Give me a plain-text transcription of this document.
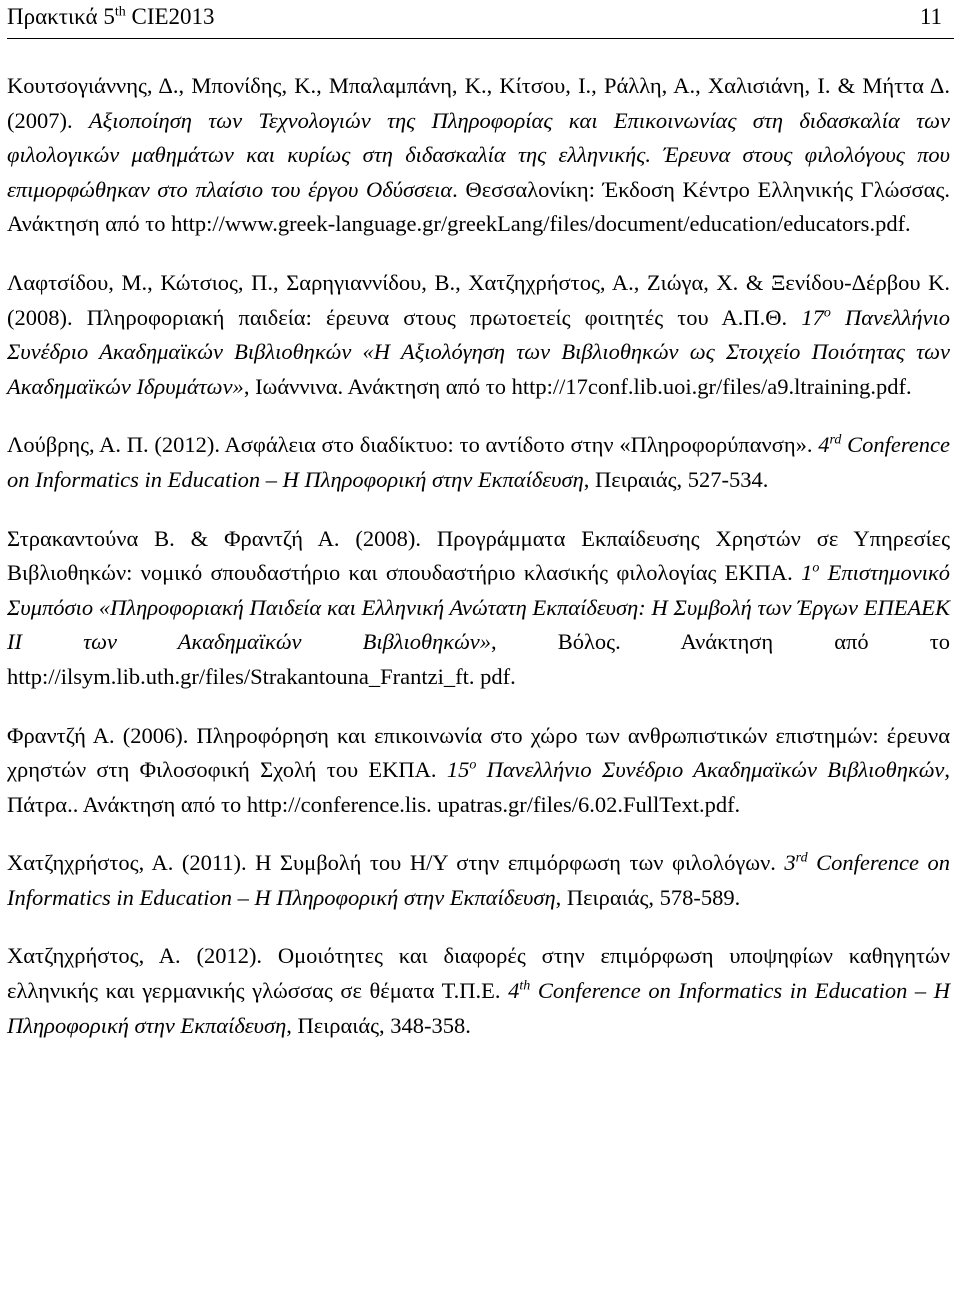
Πρακτικά 5th CIE2013	11

Κουτσογιάννης, Δ., Μπονίδης, Κ., Μπαλαμπάνη, Κ., Κίτσου, Ι., Ράλλη, Α., Χαλισιάνη, Ι. & Μήττα Δ. (2007). Αξιοποίηση των Τεχνολογιών της Πληροφορίας και Επικοινωνίας στη διδασκαλία των φιλολογικών μαθημάτων και κυρίως στη διδασκαλία της ελληνικής. Έρευνα στους φιλολόγους που επιμορφώθηκαν στο πλαίσιο του έργου Οδύσσεια. Θεσσαλονίκη: Έκδοση Κέντρο Ελληνικής Γλώσσας. Ανάκτηση από το http://www.greek-language.gr/greekLang/files/document/education/educators.pdf.

Λαφτσίδου, Μ., Κώτσιος, Π., Σαρηγιαννίδου, Β., Χατζηχρήστος, Α., Ζιώγα, Χ. & Ξενίδου-Δέρβου Κ. (2008). Πληροφοριακή παιδεία: έρευνα στους πρωτοετείς φοιτητές του Α.Π.Θ. $17^o$ Πανελλήνιο Συνέδριο Ακαδημαϊκών Βιβλιοθηκών «Η Αξιολόγηση των Βιβλιοθηκών ως Στοιχείο Ποιότητας των Ακαδημαϊκών Ιδρυμάτων», Ιωάννινα. Ανάκτηση από το http://17conf.lib.uoi.gr/files/a9.ltraining.pdf.

Λούβρης, Α. Π. (2012). Ασφάλεια στο διαδίκτυο: το αντίδοτο στην «Πληροφορύπανση». 4rd Conference on Informatics in Education – Η Πληροφορική στην Εκπαίδευση, Πειραιάς, 527-534.

Στρακαντούνα Β. & Φραντζή Α. (2008). Προγράμματα Εκπαίδευσης Χρηστών σε Υπηρεσίες Βιβλιοθηκών: νομικό σπουδαστήριο και σπουδαστήριο κλασικής φιλολογίας ΕΚΠΑ. $1^o$ Επιστημονικό Συμπόσιο «Πληροφοριακή Παιδεία και Ελληνική Ανώτατη Εκπαίδευση: Η Συμβολή των Έργων ΕΠΕΑΕΚ ΙΙ των Ακαδημαϊκών Βιβλιοθηκών», Βόλος. Ανάκτηση από το http://ilsym.lib.uth.gr/files/Strakantouna_Frantzi_ft. pdf.

Φραντζή Α. (2006). Πληροφόρηση και επικοινωνία στο χώρο των ανθρωπιστικών επιστημών: έρευνα χρηστών στη Φιλοσοφική Σχολή του ΕΚΠΑ. $15^o$ Πανελλήνιο Συνέδριο Ακαδημαϊκών Βιβλιοθηκών, Πάτρα.. Ανάκτηση από το http://conference.lis. upatras.gr/files/6.02.FullText.pdf.

Χατζηχρήστος, Α. (2011). Η Συμβολή του Η/Υ στην επιμόρφωση των φιλολόγων. 3rd Conference on Informatics in Education – Η Πληροφορική στην Εκπαίδευση, Πειραιάς, 578-589.

Χατζηχρήστος, Α. (2012). Ομοιότητες και διαφορές στην επιμόρφωση υποψηφίων καθηγητών ελληνικής και γερμανικής γλώσσας σε θέματα Τ.Π.Ε. 4th Conference on Informatics in Education – Η Πληροφορική στην Εκπαίδευση, Πειραιάς, 348-358.
